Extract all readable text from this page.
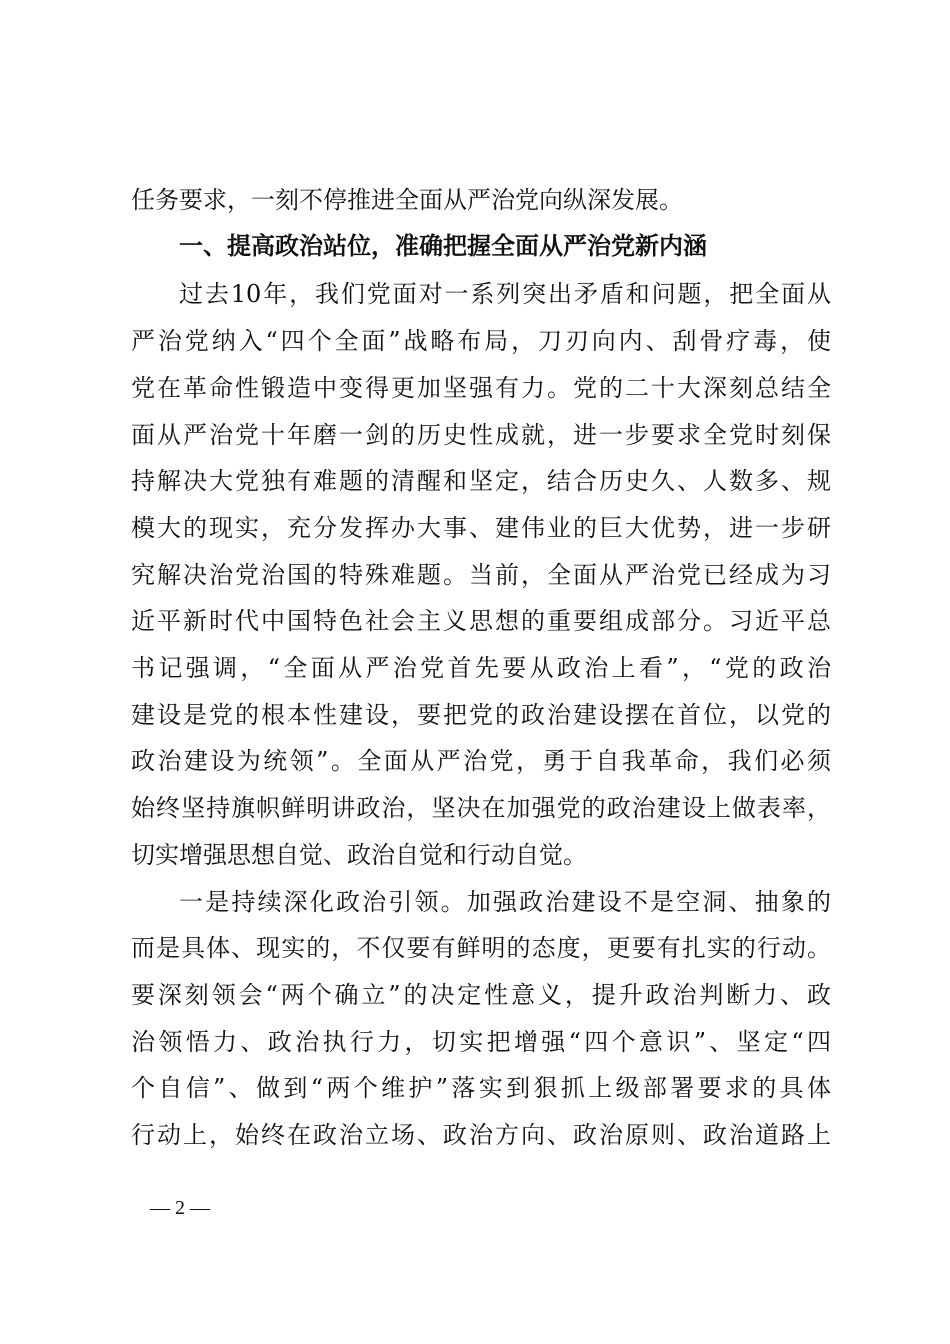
任务要求，一刻不停推进全面从严治党向纵深发展。
一、提高政治站位，准确把握全面从严治党新内涵
过去10年，我们党面对一系列突出矛盾和问题，把全面从
严治党纳入“四个全面”战略布局，刀刃向内、刮骨疗毒，使
党在革命性锻造中变得更加坚强有力。党的二十大深刻总结全
面从严治党十年磨一剑的历史性成就，进一步要求全党时刻保
持解决大党独有难题的清醒和坚定，结合历史久、人数多、规
模大的现实，充分发挥办大事、建伟业的巨大优势，进一步研
究解决治党治国的特殊难题。当前，全面从严治党已经成为习
近平新时代中国特色社会主义思想的重要组成部分。习近平总
书记强调，“全面从严治党首先要从政治上看”，“党的政治
建设是党的根本性建设，要把党的政治建设摆在首位，以党的
政治建设为统领”。全面从严治党，勇于自我革命，我们必须
始终坚持旗帜鲜明讲政治，坚决在加强党的政治建设上做表率，
切实增强思想自觉、政治自觉和行动自觉。
一是持续深化政治引领。加强政治建设不是空洞、抽象的
而是具体、现实的，不仅要有鲜明的态度，更要有扎实的行动。
要深刻领会“两个确立”的决定性意义，提升政治判断力、政
治领悟力、政治执行力，切实把增强“四个意识”、坚定“四
个自信”、做到“两个维护”落实到狠抓上级部署要求的具体
行动上，始终在政治立场、政治方向、政治原则、政治道路上
— 2 —
